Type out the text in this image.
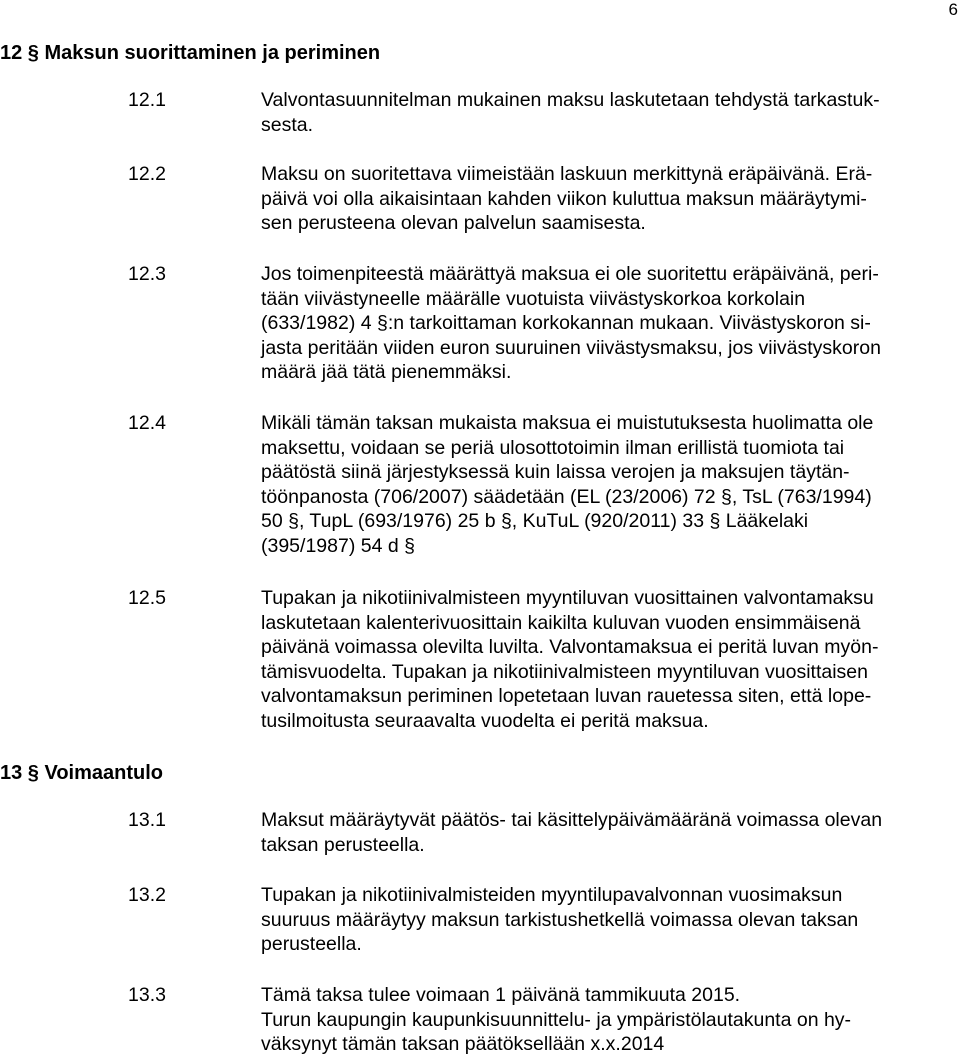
6
12 § Maksun suorittaminen ja periminen
12.1	Valvontasuunnitelman mukainen maksu laskutetaan tehdystä tarkastuk-
sesta.
12.2	Maksu on suoritettava viimeistään laskuun merkittynä eräpäivänä. Erä-
päivä voi olla aikaisintaan kahden viikon kuluttua maksun määräytymi-
sen perusteena olevan palvelun saamisesta.
12.3	Jos toimenpiteestä määrättyä maksua ei ole suoritettu eräpäivänä, peri-
tään viivästyneelle määrälle vuotuista viivästyskorkoa korkolain
(633/1982) 4 §:n tarkoittaman korkokannan mukaan. Viivästyskoron si-
jasta peritään viiden euron suuruinen viivästysmaksu, jos viivästyskoron
määrä jää tätä pienemmäksi.
12.4	Mikäli tämän taksan mukaista maksua ei muistutuksesta huolimatta ole
maksettu, voidaan se periä ulosottotoimin ilman erillistä tuomiota tai
päätöstä siinä järjestyksessä kuin laissa verojen ja maksujen täytän-
töönpanosta (706/2007) säädetään (EL (23/2006) 72 §, TsL (763/1994)
50 §, TupL (693/1976) 25 b §, KuTuL (920/2011) 33 § Lääkelaki
(395/1987) 54 d §
12.5	Tupakan ja nikotiinivalmisteen myyntiluvan vuosittainen valvontamaksu
laskutetaan kalenterivuosittain kaikilta kuluvan vuoden ensimmäisenä
päivänä voimassa olevilta luvilta. Valvontamaksua ei peritä luvan myön-
tämisvuodelta. Tupakan ja nikotiinivalmisteen myyntiluvan vuosittaisen
valvontamaksun periminen lopetetaan luvan rauetessa siten, että lope-
tusilmoitusta seuraavalta vuodelta ei peritä maksua.
13 § Voimaantulo
13.1	Maksut määräytyvät päätös- tai käsittelypäivämääränä voimassa olevan
taksan perusteella.
13.2	Tupakan ja nikotiinivalmisteiden myyntilupavalvonnan vuosimaksun
suuruus määräytyy maksun tarkistushetkellä voimassa olevan taksan
perusteella.
13.3	Tämä taksa tulee voimaan 1 päivänä tammikuuta 2015.
Turun kaupungin kaupunkisuunnittelu- ja ympäristölautakunta on hy-
väksynyt tämän taksan päätöksellään x.x.2014
